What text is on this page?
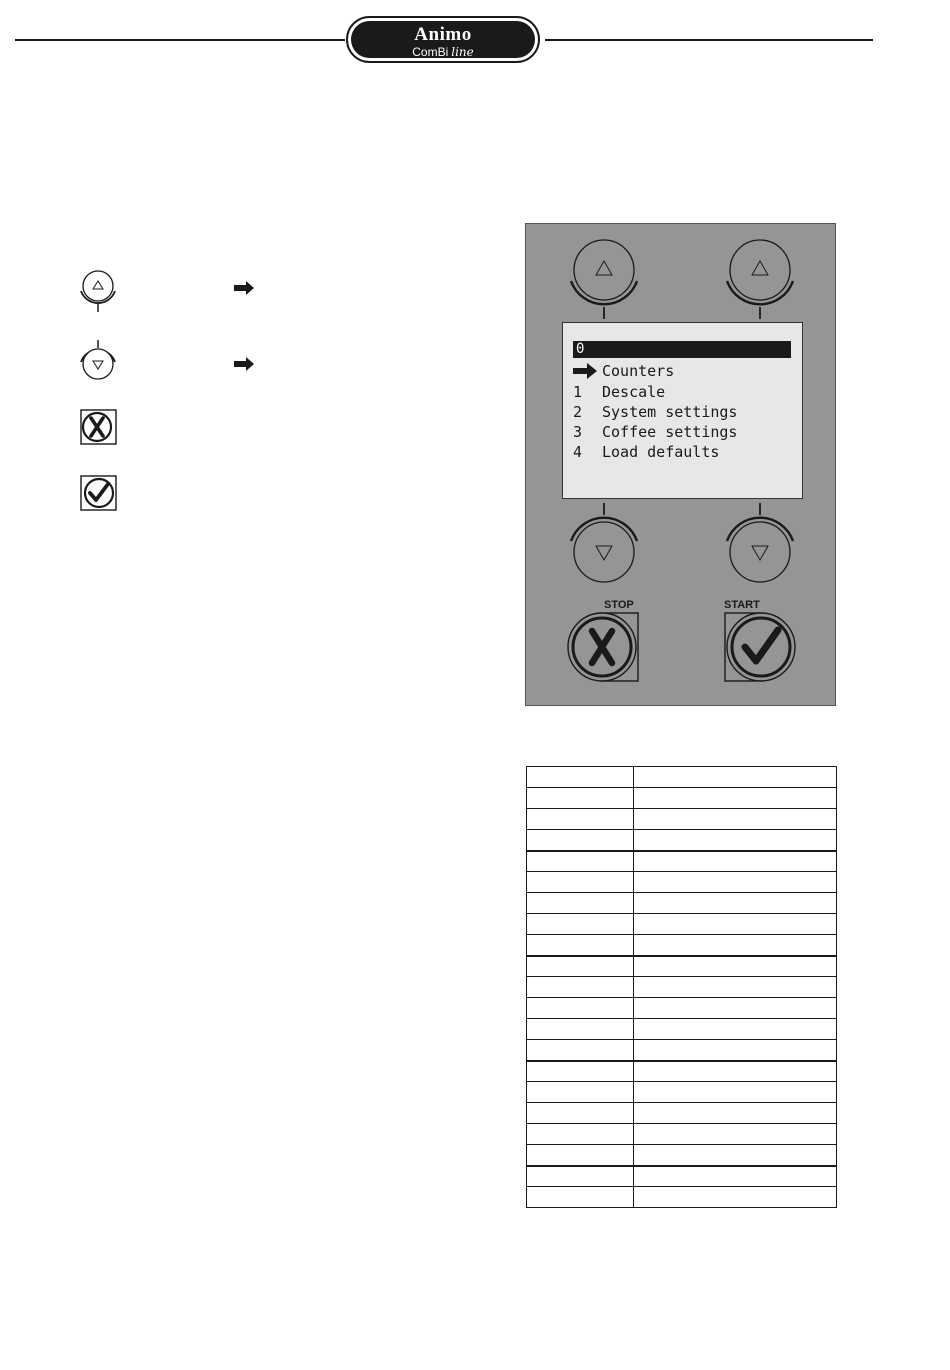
Animo
ComBi line
0
Counters
1 Descale
2 System settings
3 Coffee settings
4 Load defaults
STOP	START
